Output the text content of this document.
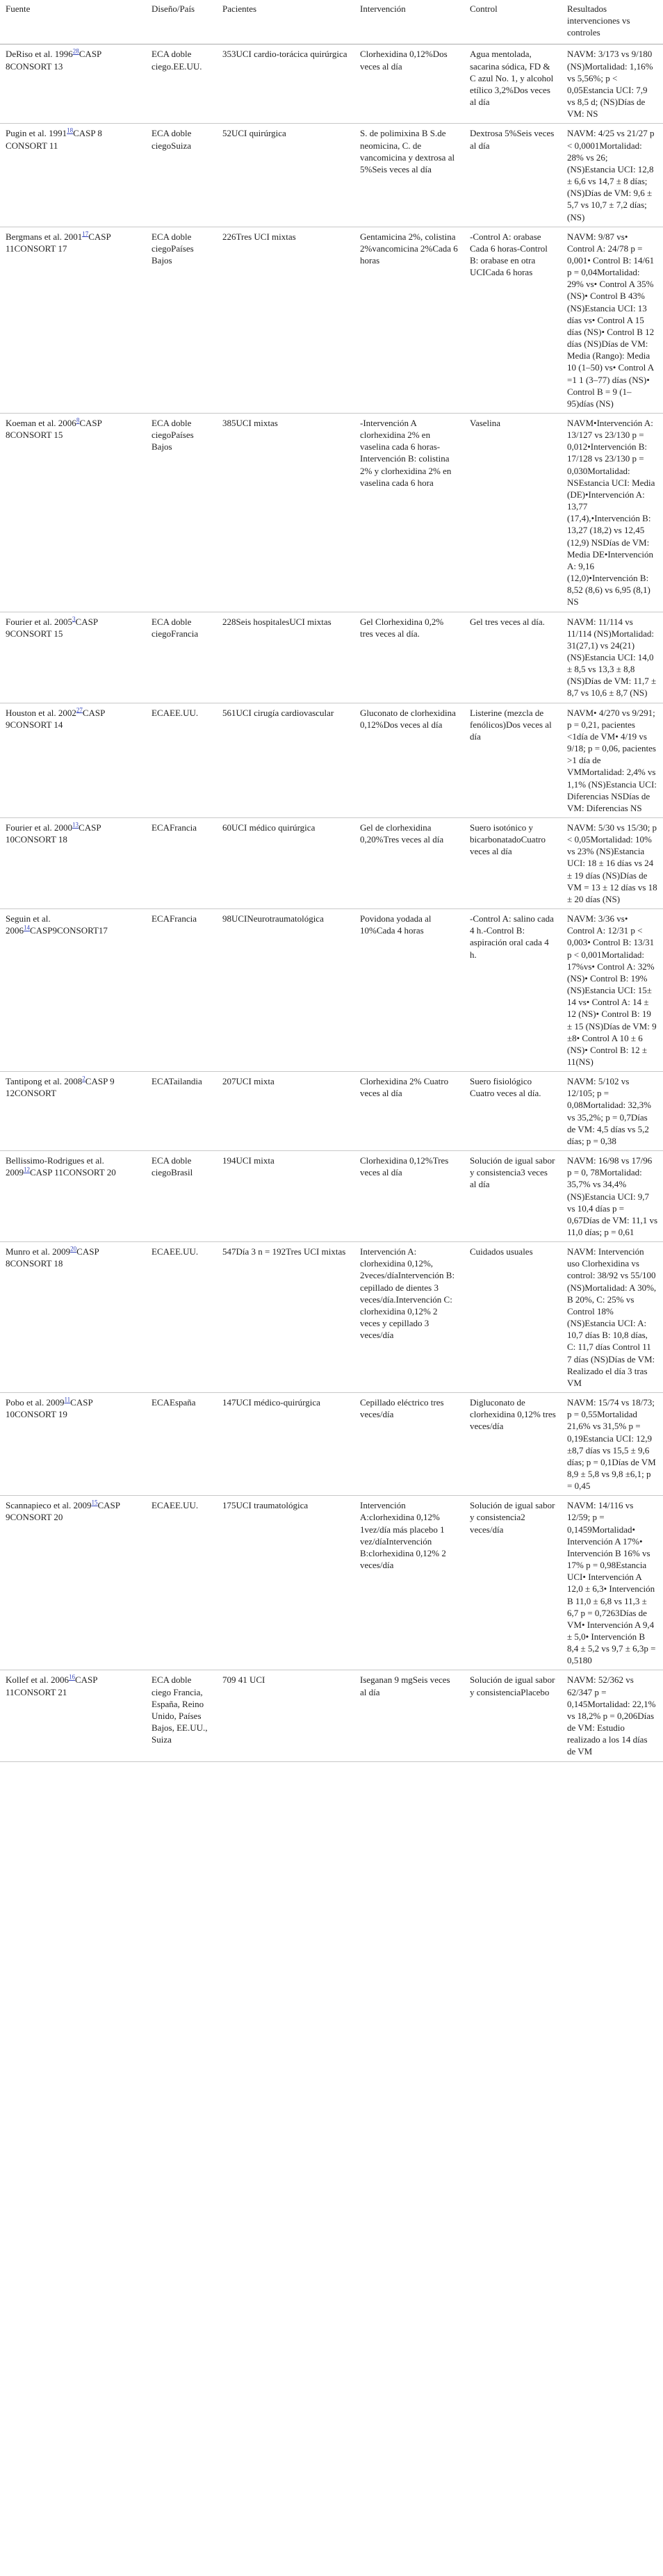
Fuente	Diseño/País	Pacientes	Intervención	Control	Resultados intervenciones vs controles
DeRiso et al. 1996$^{28}$CASP 8CONSORT 13	ECA doble ciego.EE.UU.	353UCI cardio-torácica quirúrgica	Clorhexidina 0,12%Dos veces al día	Agua mentolada, sacarina sódica, FD & C azul No. 1, y alcohol etílico 3,2%Dos veces al día	NAVM: 3/173 vs 9/180 (NS)Mortalidad: 1,16% vs 5,56%; p < 0,05Estancia UCI: 7,9 vs 8,5 d; (NS)Días de VM: NS
Pugin et al. 1991$^{18}$CASP 8 CONSORT 11	ECA doble ciegoSuiza	52UCI quirúrgica	S. de polimixina B S.de neomicina, C. de vancomicina y dextrosa al 5%Seis veces al día	Dextrosa 5%Seis veces al día	NAVM: 4/25 vs 21/27 p < 0,0001Mortalidad: 28% vs 26; (NS)Estancia UCI: 12,8 ± 6,6 vs 14,7 ± 8 días; (NS)Días de VM: 9,6 ± 5,7 vs 10,7 ± 7,2 días; (NS)
Bergmans et al. 2001$^{17}$CASP 11CONSORT 17	ECA doble ciegoPaíses Bajos	226Tres UCI mixtas	Gentamicina 2%, colistina 2%vancomicina 2%Cada 6 horas	-Control A: orabase Cada 6 horas-Control B: orabase en otra UCICada 6 horas	NAVM: 9/87 vs• Control A: 24/78 p = 0,001• Control B: 14/61 p = 0,04Mortalidad: 29% vs• Control A 35% (NS)• Control B 43% (NS)Estancia UCI: 13 días vs• Control A 15 días (NS)• Control B 12 días (NS)Días de VM: Media (Rango): Media 10 (1–50) vs• Control A =1 1 (3–77) días (NS)• Control B = 9 (1–95)días (NS)
Koeman et al. 2006$^8$CASP 8CONSORT 15	ECA doble ciegoPaíses Bajos	385UCI mixtas	-Intervención A clorhexidina 2% en vaselina cada 6 horas-Intervención B: colistina 2% y clorhexidina 2% en vaselina cada 6 hora	Vaselina	NAVM•Intervención A: 13/127 vs 23/130 p = 0,012•Intervención B: 17/128 vs 23/130 p = 0,030Mortalidad: NSEstancia UCI: Media (DE)•Intervención A: 13,77 (17,4),•Intervención B: 13,27 (18,2) vs 12,45 (12,9) NSDías de VM: Media DE•Intervención A: 9,16 (12,0)•Intervención B: 8,52 (8,6) vs 6,95 (8,1) NS
Fourier et al. 2005$^3$CASP 9CONSORT 15	ECA doble ciegoFrancia	228Seis hospitalesUCI mixtas	Gel Clorhexidina 0,2% tres veces al día.	Gel tres veces al día.	NAVM: 11/114 vs 11/114 (NS)Mortalidad: 31(27,1) vs 24(21) (NS)Estancia UCI: 14,0 ± 8,5 vs 13,3 ± 8,8 (NS)Días de VM: 11,7 ± 8,7 vs 10,6 ± 8,7 (NS)
Houston et al. 2002$^{27}$CASP 9CONSORT 14	ECAEE.UU.	561UCI cirugía cardiovascular	Gluconato de clorhexidina 0,12%Dos veces al día	Listerine (mezcla de fenólicos)Dos veces al día	NAVM• 4/270 vs 9/291; p = 0,21, pacientes <1día de VM• 4/19 vs 9/18; p = 0,06, pacientes >1 día de VMMortalidad: 2,4% vs 1,1% (NS)Estancia UCI: Diferencias NSDías de VM: Diferencias NS
Fourier et al. 2000$^{13}$CASP 10CONSORT 18	ECAFrancia	60UCI médico quirúrgica	Gel de clorhexidina 0,20%Tres veces al día	Suero isotónico y bicarbonatadoCuatro veces al día	NAVM: 5/30 vs 15/30; p < 0,05Mortalidad: 10% vs 23% (NS)Estancia UCI: 18 ± 16 días vs 24 ± 19 días (NS)Días de VM = 13 ± 12 días vs 18 ± 20 días (NS)
Seguin et al. 2006$^{14}$CASP9CONSORT17	ECAFrancia	98UCINeurotraumatológica	Povidona yodada al 10%Cada 4 horas	-Control A: salino cada 4 h.-Control B: aspiración oral cada 4 h.	NAVM: 3/36 vs• Control A: 12/31 p < 0,003• Control B: 13/31 p < 0,001Mortalidad: 17%vs• Control A: 32% (NS)• Control B: 19% (NS)Estancia UCI: 15± 14 vs• Control A: 14 ± 12 (NS)• Control B: 19 ± 15 (NS)Días de VM: 9 ±8• Control A 10 ± 6 (NS)• Control B: 12 ± 11(NS)
Tantipong et al. 2008$^2$CASP 9 12CONSORT	ECATailandia	207UCI mixta	Clorhexidina 2% Cuatro veces al día	Suero fisiológico Cuatro veces al día.	NAVM: 5/102 vs 12/105; p = 0,08Mortalidad: 32,3% vs 35,2%; p = 0,7Días de VM: 4,5 días vs 5,2 días; p = 0,38
Bellissimo-Rodrigues et al. 2009$^{12}$CASP 11CONSORT 20	ECA doble ciegoBrasil	194UCI mixta	Clorhexidina 0,12%Tres veces al día	Solución de igual sabor y consistencia3 veces al día	NAVM: 16/98 vs 17/96 p = 0, 78Mortalidad: 35,7% vs 34,4% (NS)Estancia UCI: 9,7 vs 10,4 días p = 0,67Días de VM: 11,1 vs 11,0 días; p = 0,61
Munro et al. 2009$^{20}$CASP 8CONSORT 18	ECAEE.UU.	547Día 3 n = 192Tres UCI mixtas	Intervención A: clorhexidina 0,12%, 2veces/díaIntervención B: cepillado de dientes 3 veces/día.Intervención C: clorhexidina 0,12% 2 veces y cepillado 3 veces/día	Cuidados usuales	NAVM: Intervención uso Clorhexidina vs control: 38/92 vs 55/100 (NS)Mortalidad: A 30%, B 20%, C: 25% vs Control 18% (NS)Estancia UCI: A: 10,7 días B: 10,8 días, C: 11,7 días Control 11 7 días (NS)Días de VM: Realizado el día 3 tras VM
Pobo et al. 2009$^{11}$CASP 10CONSORT 19	ECAEspaña	147UCI médico-quirúrgica	Cepillado eléctrico tres veces/día	Digluconato de clorhexidina 0,12% tres veces/día	NAVM: 15/74 vs 18/73; p = 0,55Mortalidad 21,6% vs 31,5% p = 0,19Estancia UCI: 12,9 ±8,7 días vs 15,5 ± 9,6 días; p = 0,1Días de VM 8,9 ± 5,8 vs 9,8 ±6,1; p = 0,45
Scannapieco et al. 2009$^{15}$CASP 9CONSORT 20	ECAEE.UU.	175UCI traumatológica	Intervención A:clorhexidina 0,12% 1vez/día más placebo 1 vez/díaIntervención B:clorhexidina 0,12% 2 veces/día	Solución de igual sabor y consistencia2 veces/día	NAVM: 14/116 vs 12/59; p = 0,1459Mortalidad• Intervención A 17%• Intervención B 16% vs 17% p = 0,98Estancia UCI• Intervención A 12,0 ± 6,3• Intervención B 11,0 ± 6,8 vs 11,3 ± 6,7 p = 0,7263Días de VM• Intervención A 9,4 ± 5,0• Intervención B 8,4 ± 5,2 vs 9,7 ± 6,3p = 0,5180
Kollef et al. 2006$^{16}$CASP 11CONSORT 21	ECA doble ciego Francia, España, Reino Unido, Países Bajos, EE.UU., Suiza	709 41 UCI	Iseganan 9 mgSeis veces al día	Solución de igual sabor y consistenciaPlacebo	NAVM: 52/362 vs 62/347 p = 0,145Mortalidad: 22,1% vs 18,2% p = 0,206Días de VM: Estudio realizado a los 14 días de VM
